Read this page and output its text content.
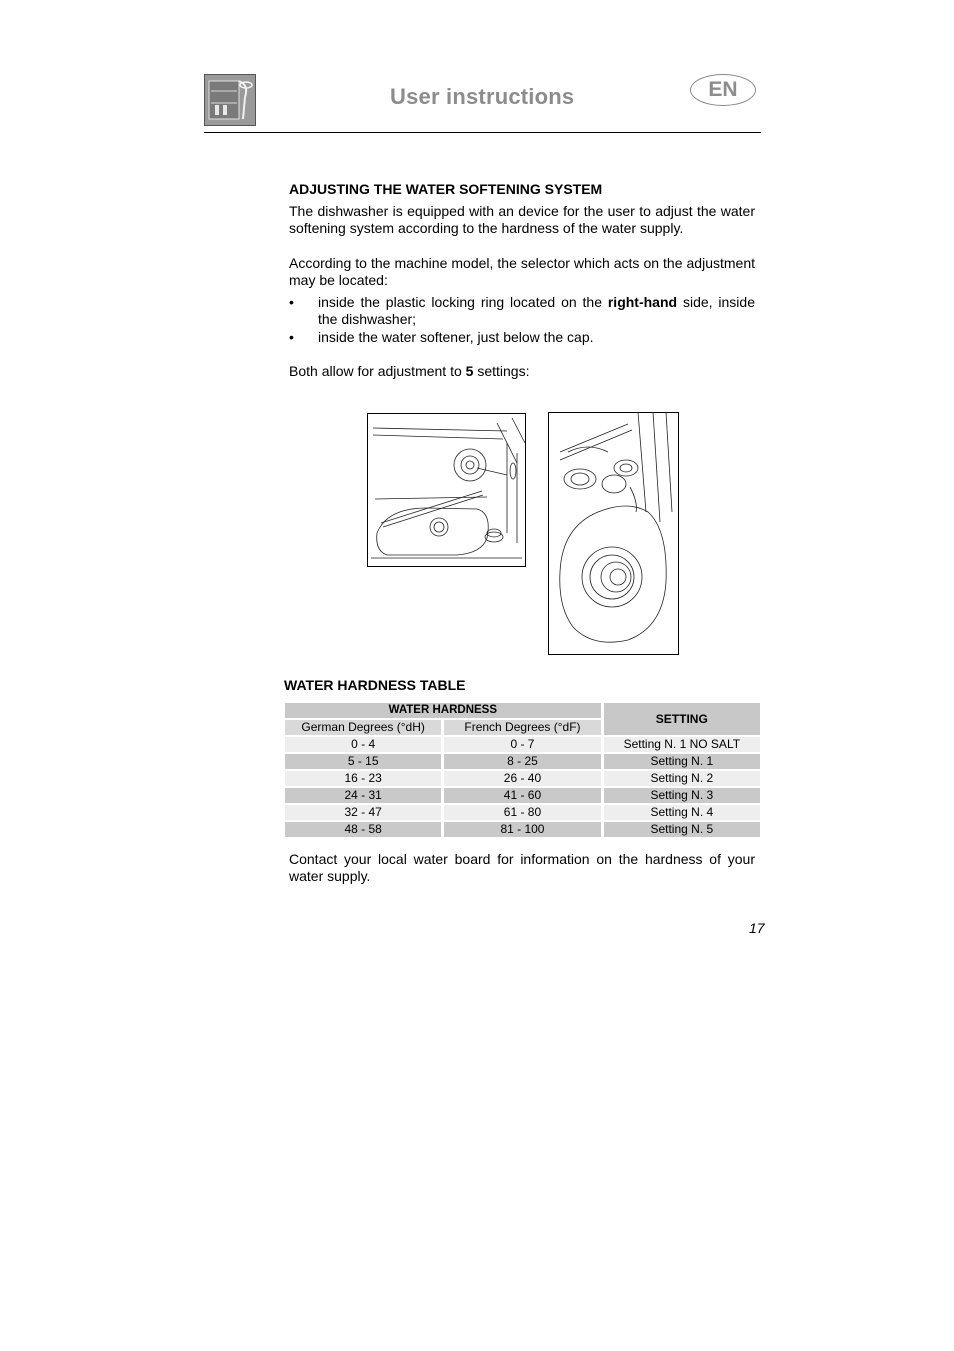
User instructions	EN
ADJUSTING THE WATER SOFTENING SYSTEM
The dishwasher is equipped with an device for the user to adjust the water softening system according to the hardness of the water supply.
According to the machine model, the selector which acts on the adjustment may be located:
• inside the plastic locking ring located on the right-hand side, inside the dishwasher;
• inside the water softener, just below the cap.
Both allow for adjustment to 5 settings:
WATER HARDNESS TABLE
WATER HARDNESS		SETTING
German Degrees (°dH)	French Degrees (°dF)	
0 - 4	0 - 7	Setting N. 1 NO SALT
5 - 15	8 - 25	Setting N. 1
16 - 23	26 - 40	Setting N. 2
24 - 31	41 - 60	Setting N. 3
32 - 47	61 - 80	Setting N. 4
48 - 58	81 - 100	Setting N. 5
Contact your local water board for information on the hardness of your water supply.
17
